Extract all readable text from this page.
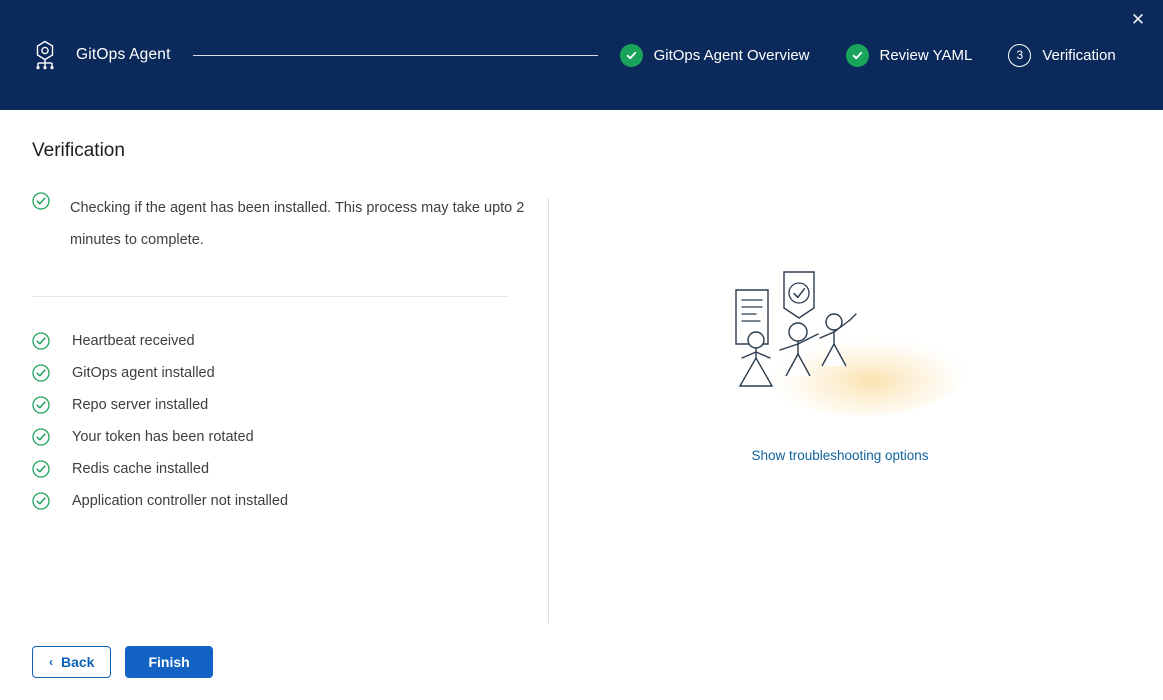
✕
GitOps Agent	GitOps Agent Overview	Review YAML	3	Verification
Verification
Checking if the agent has been installed. This process may take upto 2 minutes to complete.
Heartbeat received
GitOps agent installed
Repo server installed
Your token has been rotated
Redis cache installed
Application controller not installed
Show troubleshooting options
‹ Back	Finish
